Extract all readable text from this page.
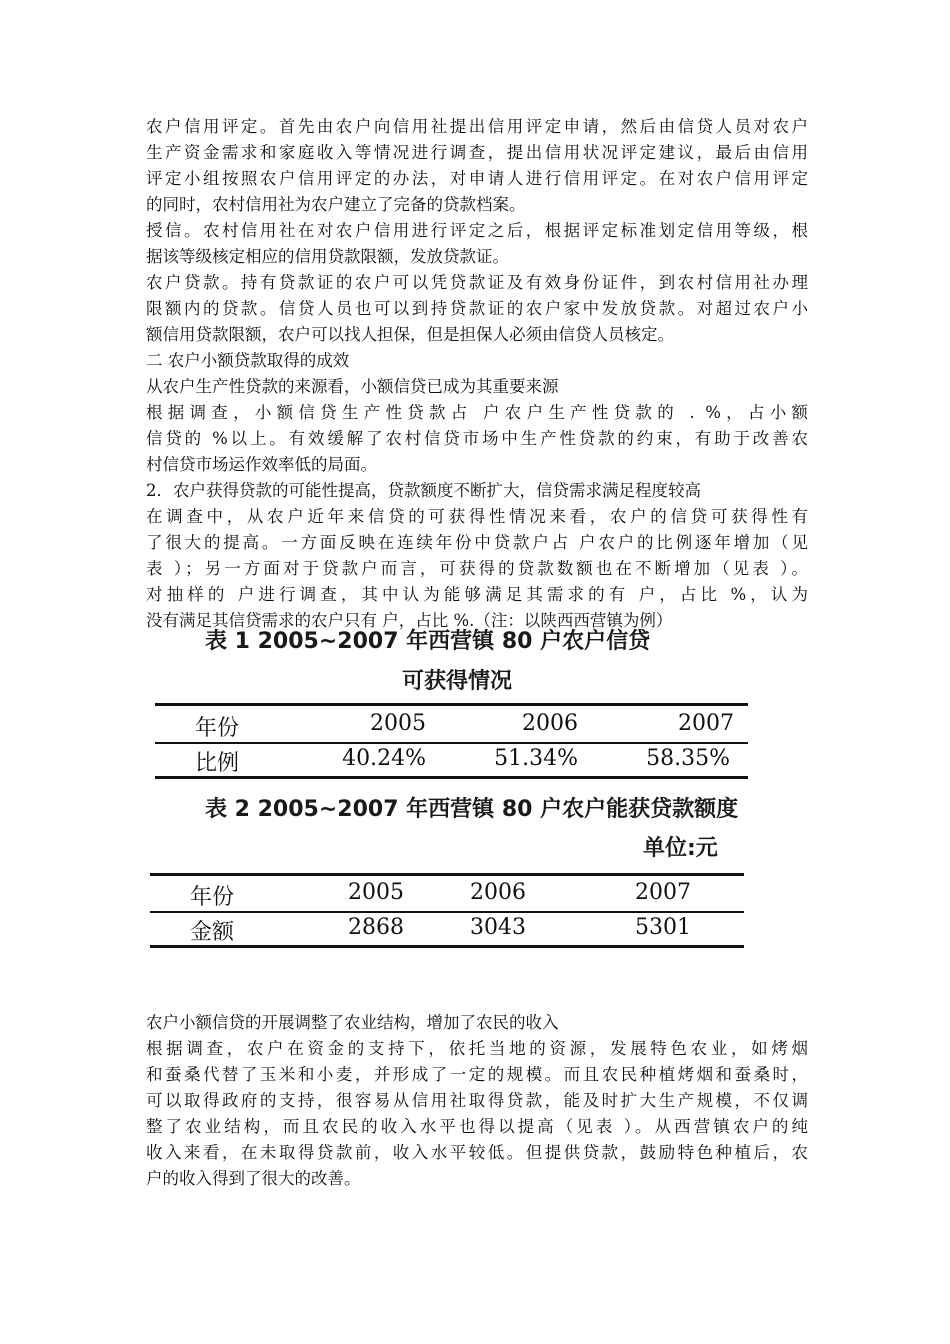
农户信用评定。首先由农户向信用社提出信用评定申请，然后由信贷人员对农户
生产资金需求和家庭收入等情况进行调查，提出信用状况评定建议，最后由信用
评定小组按照农户信用评定的办法，对申请人进行信用评定。在对农户信用评定
的同时，农村信用社为农户建立了完备的贷款档案。
授信。农村信用社在对农户信用进行评定之后，根据评定标准划定信用等级，根
据该等级核定相应的信用贷款限额，发放贷款证。
农户贷款。持有贷款证的农户可以凭贷款证及有效身份证件，到农村信用社办理
限额内的贷款。信贷人员也可以到持贷款证的农户家中发放贷款。对超过农户小
额信用贷款限额，农户可以找人担保，但是担保人必须由信贷人员核定。
二 农户小额贷款取得的成效
从农户生产性贷款的来源看，小额信贷已成为其重要来源
根据调查，小额信贷生产性贷款占 户农户生产性贷款的 . %，占小额
信贷的 %以上。有效缓解了农村信贷市场中生产性贷款的约束，有助于改善农
村信贷市场运作效率低的局面。
2．农户获得贷款的可能性提高，贷款额度不断扩大，信贷需求满足程度较高
在调查中，从农户近年来信贷的可获得性情况来看，农户的信贷可获得性有
了很大的提高。一方面反映在连续年份中贷款户占 户农户的比例逐年增加（见
表 ）；另一方面对于贷款户而言，可获得的贷款数额也在不断增加（见表 ）。
对抽样的 户进行调查，其中认为能够满足其需求的有 户，占比 %，认为
没有满足其信贷需求的农户只有 户，占比 %.（注：以陕西西营镇为例）
表 1 2005~2007 年西营镇 80 户农户信贷
可获得情况
年份	2005	2006	2007
比例	40.24%	51.34%	58.35%
表 2 2005~2007 年西营镇 80 户农户能获贷款额度
单位:元
年份	2005	2006	2007
金额	2868	3043	5301
农户小额信贷的开展调整了农业结构，增加了农民的收入
根据调查，农户在资金的支持下，依托当地的资源，发展特色农业，如烤烟
和蚕桑代替了玉米和小麦，并形成了一定的规模。而且农民种植烤烟和蚕桑时，
可以取得政府的支持，很容易从信用社取得贷款，能及时扩大生产规模，不仅调
整了农业结构，而且农民的收入水平也得以提高（见表 ）。从西营镇农户的纯
收入来看，在未取得贷款前，收入水平较低。但提供贷款，鼓励特色种植后，农
户的收入得到了很大的改善。
